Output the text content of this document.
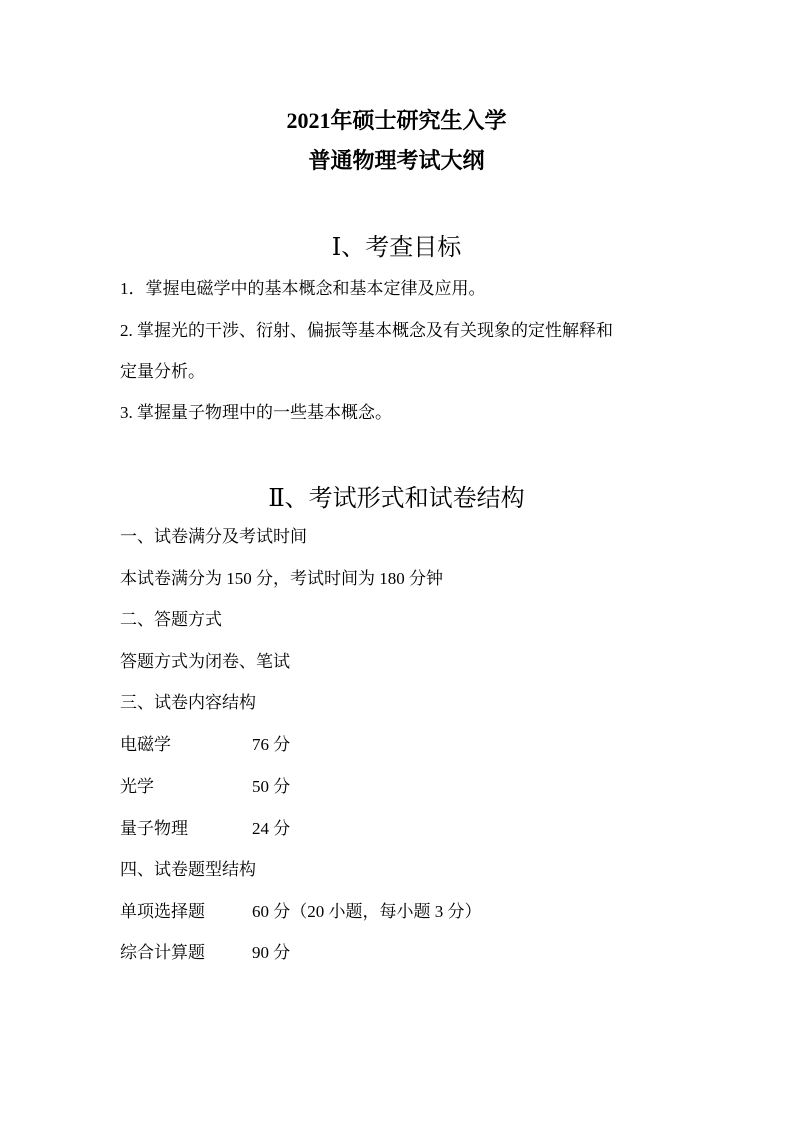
2021年硕士研究生入学
普通物理考试大纲
Ⅰ、考查目标
1．掌握电磁学中的基本概念和基本定律及应用。
2. 掌握光的干涉、衍射、偏振等基本概念及有关现象的定性解释和
定量分析。
3. 掌握量子物理中的一些基本概念。
Ⅱ、考试形式和试卷结构
一、试卷满分及考试时间
本试卷满分为 150 分，考试时间为 180 分钟
二、答题方式
答题方式为闭卷、笔试
三、试卷内容结构
电磁学	76 分
光学	50 分
量子物理	24 分
四、试卷题型结构
单项选择题	60 分（20 小题，每小题 3 分）
综合计算题	90 分
